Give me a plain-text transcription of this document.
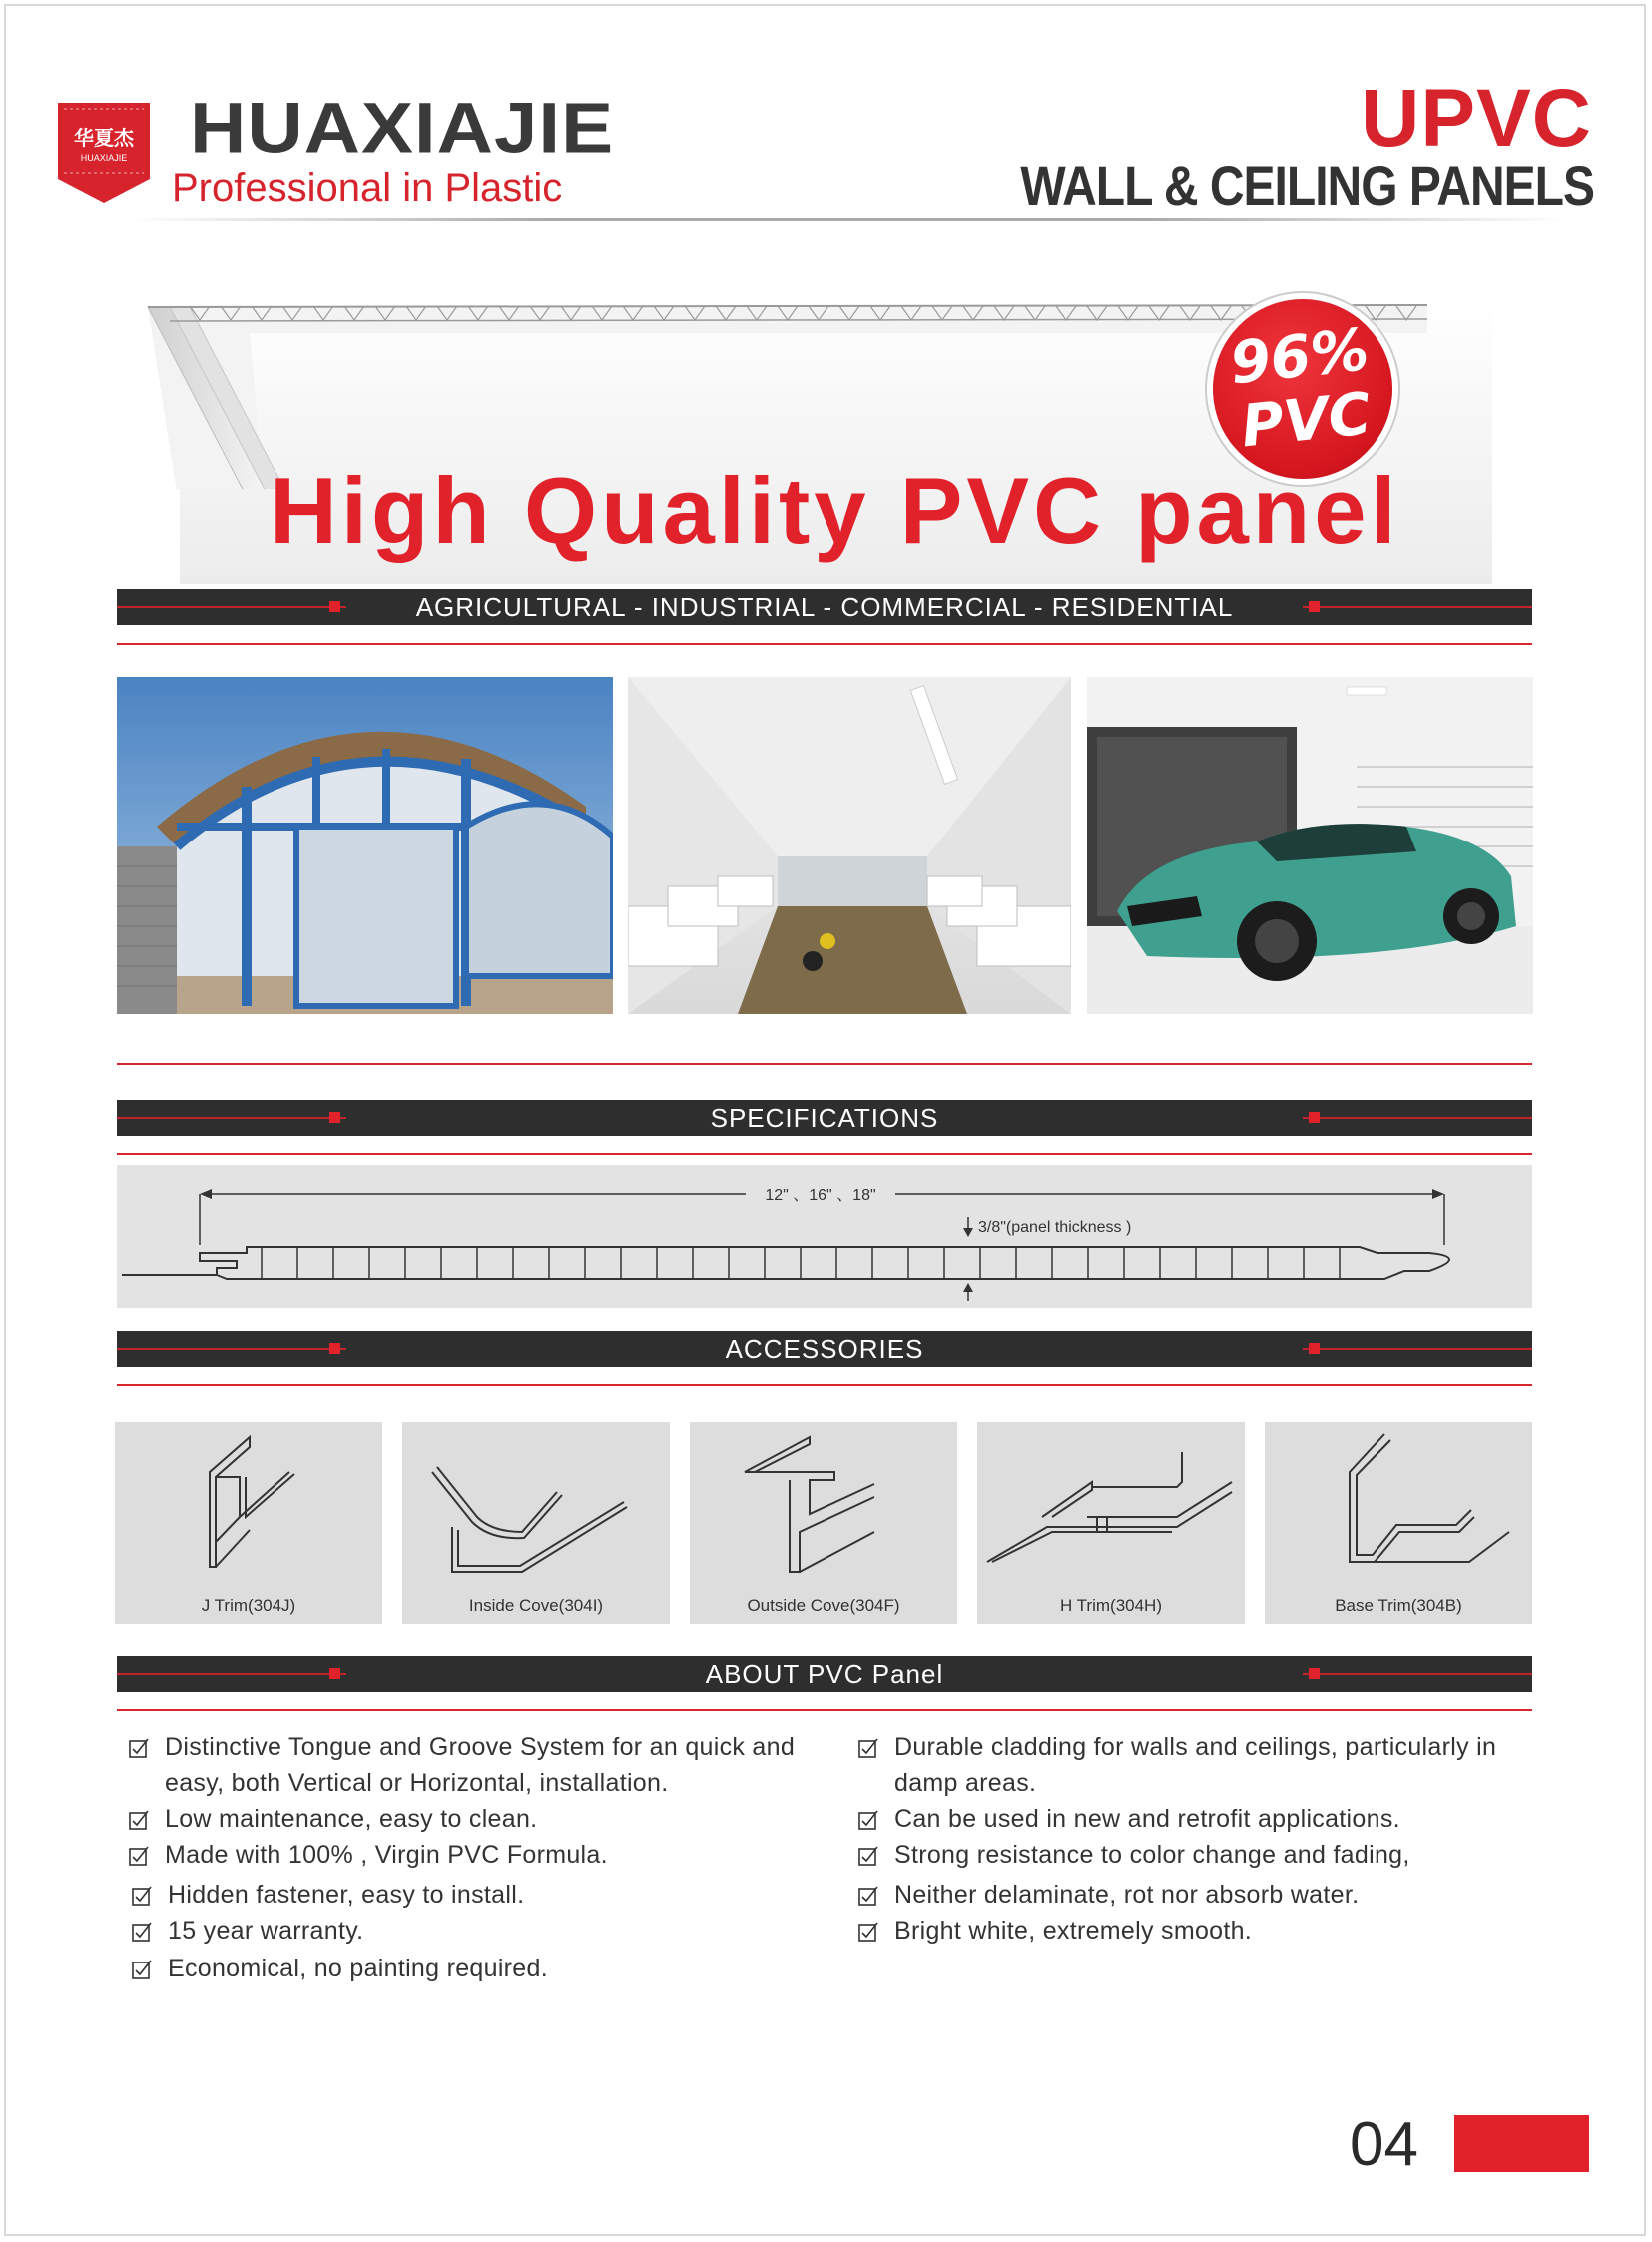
华夏杰
HUAXIAJIE HUAXIAJIE
Professional in Plastic
UPVC
WALL & CEILING PANELS
96%
PVC
High Quality PVC panel
AGRICULTURAL - INDUSTRIAL - COMMERCIAL - RESIDENTIAL
SPECIFICATIONS
12" 、16" 、18"
3/8"(panel thickness )
ACCESSORIES
J Trim(304J)	Inside Cove(304I)	Outside Cove(304F)	H Trim(304H)	Base Trim(304B)
ABOUT PVC Panel
Distinctive Tongue and Groove System for an quick and
easy, both Vertical or Horizontal, installation.
Low maintenance, easy to clean.
Made with 100% , Virgin PVC Formula.
Hidden fastener, easy to install.
15 year warranty.
Economical, no painting required.
Durable cladding for walls and ceilings, particularly in
damp areas.
Can be used in new and retrofit applications.
Strong resistance to color change and fading,
Neither delaminate, rot nor absorb water.
Bright white, extremely smooth.
04
